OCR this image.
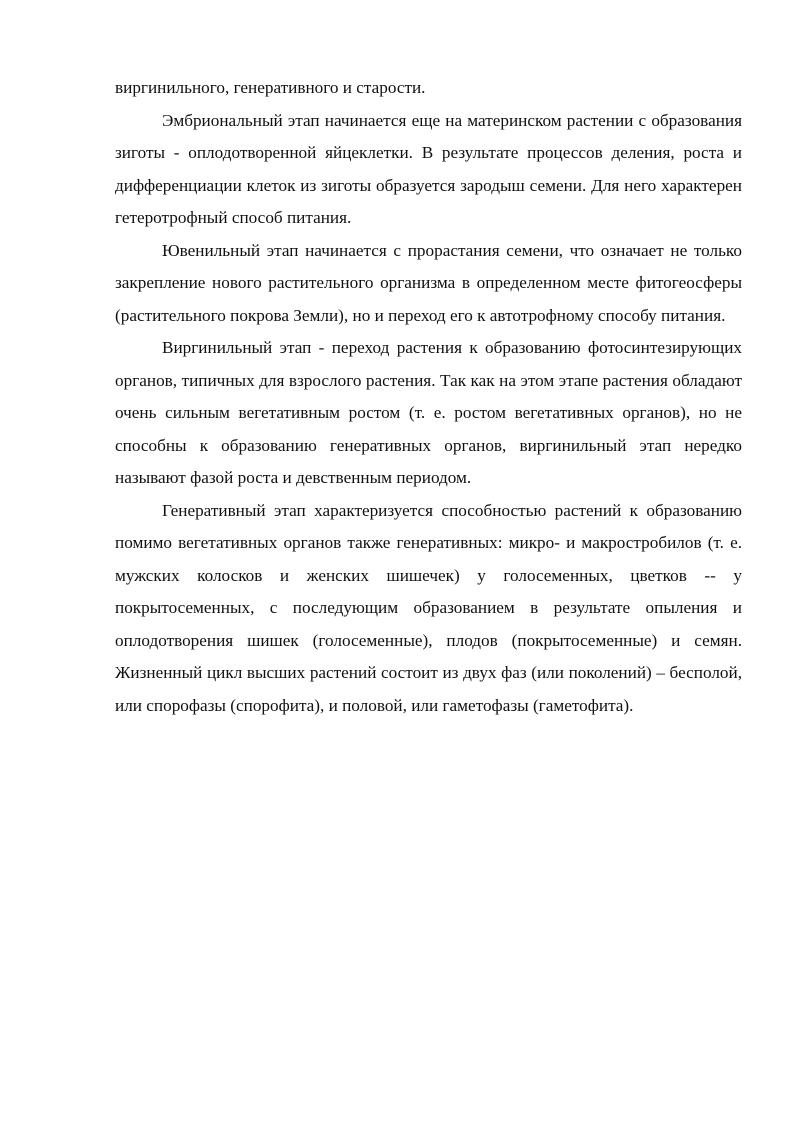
виргинильного, генеративного и старости.

Эмбриональный этап начинается еще на материнском растении с образования зиготы - оплодотворенной яйцеклетки. В результате процессов деления, роста и дифференциации клеток из зиготы образуется зародыш семени. Для него характерен гетеротрофный способ питания.

Ювенильный этап начинается с прорастания семени, что означает не только закрепление нового растительного организма в определенном месте фитогеосферы (растительного покрова Земли), но и переход его к автотрофному способу питания.

Виргинильный этап - переход растения к образованию фотосинтезирующих органов, типичных для взрослого растения. Так как на этом этапе растения обладают очень сильным вегетативным ростом (т. е. ростом вегетативных органов), но не способны к образованию генеративных органов, виргинильный этап нередко называют фазой роста и девственным периодом.

Генеративный этап характеризуется способностью растений к образованию помимо вегетативных органов также генеративных: микро- и макростробилов (т. е. мужских колосков и женских шишечек) у голосеменных, цветков -- у покрытосеменных, с последующим образованием в результате опыления и оплодотворения шишек (голосеменные), плодов (покрытосеменные) и семян. Жизненный цикл высших растений состоит из двух фаз (или поколений) – бесполой, или спорофазы (спорофита), и половой, или гаметофазы (гаметофита).
